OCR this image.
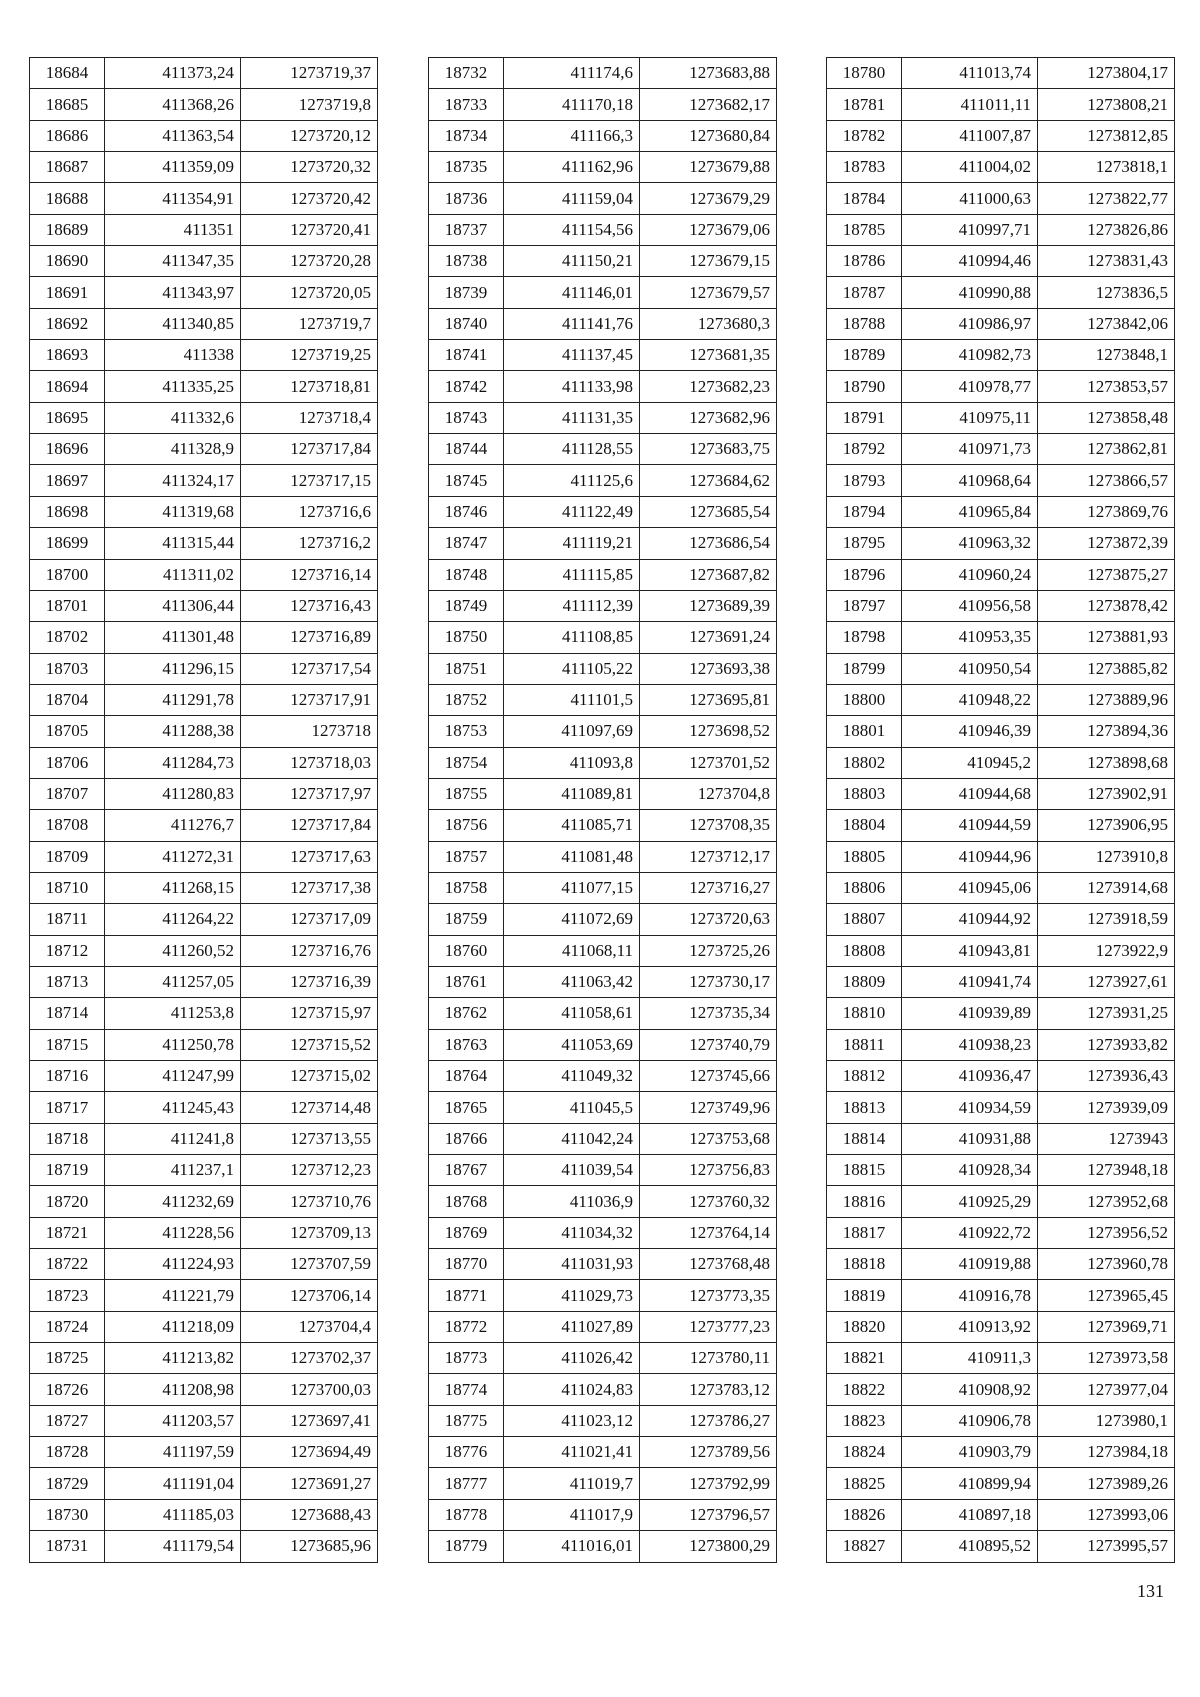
18684	411373,24	1273719,37
18685	411368,26	1273719,8
18686	411363,54	1273720,12
18687	411359,09	1273720,32
18688	411354,91	1273720,42
18689	411351	1273720,41
18690	411347,35	1273720,28
18691	411343,97	1273720,05
18692	411340,85	1273719,7
18693	411338	1273719,25
18694	411335,25	1273718,81
18695	411332,6	1273718,4
18696	411328,9	1273717,84
18697	411324,17	1273717,15
18698	411319,68	1273716,6
18699	411315,44	1273716,2
18700	411311,02	1273716,14
18701	411306,44	1273716,43
18702	411301,48	1273716,89
18703	411296,15	1273717,54
18704	411291,78	1273717,91
18705	411288,38	1273718
18706	411284,73	1273718,03
18707	411280,83	1273717,97
18708	411276,7	1273717,84
18709	411272,31	1273717,63
18710	411268,15	1273717,38
18711	411264,22	1273717,09
18712	411260,52	1273716,76
18713	411257,05	1273716,39
18714	411253,8	1273715,97
18715	411250,78	1273715,52
18716	411247,99	1273715,02
18717	411245,43	1273714,48
18718	411241,8	1273713,55
18719	411237,1	1273712,23
18720	411232,69	1273710,76
18721	411228,56	1273709,13
18722	411224,93	1273707,59
18723	411221,79	1273706,14
18724	411218,09	1273704,4
18725	411213,82	1273702,37
18726	411208,98	1273700,03
18727	411203,57	1273697,41
18728	411197,59	1273694,49
18729	411191,04	1273691,27
18730	411185,03	1273688,43
18731	411179,54	1273685,96
18732	411174,6	1273683,88
18733	411170,18	1273682,17
18734	411166,3	1273680,84
18735	411162,96	1273679,88
18736	411159,04	1273679,29
18737	411154,56	1273679,06
18738	411150,21	1273679,15
18739	411146,01	1273679,57
18740	411141,76	1273680,3
18741	411137,45	1273681,35
18742	411133,98	1273682,23
18743	411131,35	1273682,96
18744	411128,55	1273683,75
18745	411125,6	1273684,62
18746	411122,49	1273685,54
18747	411119,21	1273686,54
18748	411115,85	1273687,82
18749	411112,39	1273689,39
18750	411108,85	1273691,24
18751	411105,22	1273693,38
18752	411101,5	1273695,81
18753	411097,69	1273698,52
18754	411093,8	1273701,52
18755	411089,81	1273704,8
18756	411085,71	1273708,35
18757	411081,48	1273712,17
18758	411077,15	1273716,27
18759	411072,69	1273720,63
18760	411068,11	1273725,26
18761	411063,42	1273730,17
18762	411058,61	1273735,34
18763	411053,69	1273740,79
18764	411049,32	1273745,66
18765	411045,5	1273749,96
18766	411042,24	1273753,68
18767	411039,54	1273756,83
18768	411036,9	1273760,32
18769	411034,32	1273764,14
18770	411031,93	1273768,48
18771	411029,73	1273773,35
18772	411027,89	1273777,23
18773	411026,42	1273780,11
18774	411024,83	1273783,12
18775	411023,12	1273786,27
18776	411021,41	1273789,56
18777	411019,7	1273792,99
18778	411017,9	1273796,57
18779	411016,01	1273800,29
18780	411013,74	1273804,17
18781	411011,11	1273808,21
18782	411007,87	1273812,85
18783	411004,02	1273818,1
18784	411000,63	1273822,77
18785	410997,71	1273826,86
18786	410994,46	1273831,43
18787	410990,88	1273836,5
18788	410986,97	1273842,06
18789	410982,73	1273848,1
18790	410978,77	1273853,57
18791	410975,11	1273858,48
18792	410971,73	1273862,81
18793	410968,64	1273866,57
18794	410965,84	1273869,76
18795	410963,32	1273872,39
18796	410960,24	1273875,27
18797	410956,58	1273878,42
18798	410953,35	1273881,93
18799	410950,54	1273885,82
18800	410948,22	1273889,96
18801	410946,39	1273894,36
18802	410945,2	1273898,68
18803	410944,68	1273902,91
18804	410944,59	1273906,95
18805	410944,96	1273910,8
18806	410945,06	1273914,68
18807	410944,92	1273918,59
18808	410943,81	1273922,9
18809	410941,74	1273927,61
18810	410939,89	1273931,25
18811	410938,23	1273933,82
18812	410936,47	1273936,43
18813	410934,59	1273939,09
18814	410931,88	1273943
18815	410928,34	1273948,18
18816	410925,29	1273952,68
18817	410922,72	1273956,52
18818	410919,88	1273960,78
18819	410916,78	1273965,45
18820	410913,92	1273969,71
18821	410911,3	1273973,58
18822	410908,92	1273977,04
18823	410906,78	1273980,1
18824	410903,79	1273984,18
18825	410899,94	1273989,26
18826	410897,18	1273993,06
18827	410895,52	1273995,57
131
